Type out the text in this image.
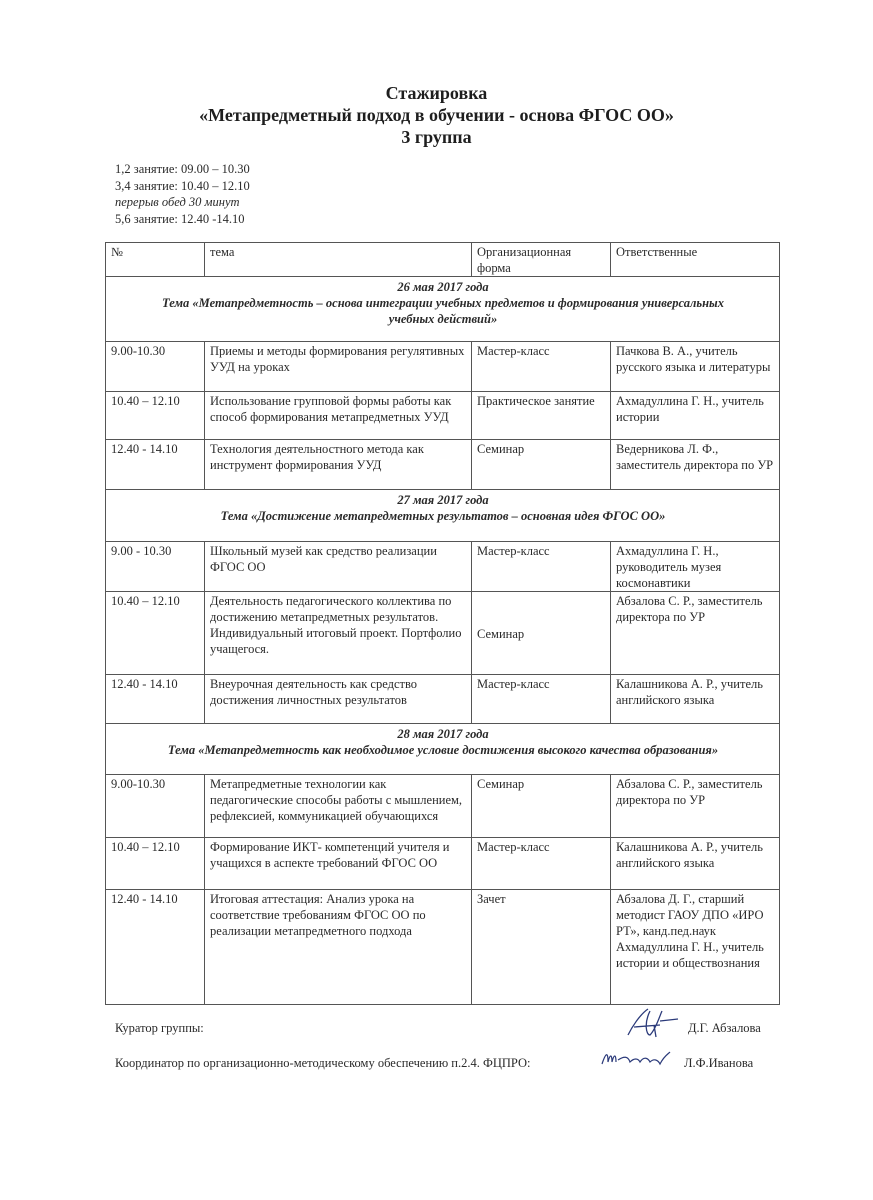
Стажировка
«Метапредметный подход в обучении - основа ФГОС ОО»
3 группа
1,2 занятие: 09.00 – 10.30
3,4 занятие: 10.40 – 12.10
перерыв обед 30 минут
5,6 занятие: 12.40 -14.10
№	тема	Организационная форма	Ответственные

26 мая 2017 года
Тема «Метапредметность – основа интеграции учебных предметов и формирования универсальных учебных действий»			

9.00-10.30	Приемы и методы формирования регулятивных УУД на уроках	Мастер-класс	Пачкова В. А., учитель русского языка и литературы
10.40 – 12.10	Использование групповой формы работы как способ формирования метапредметных УУД	Практическое занятие	Ахмадуллина Г. Н., учитель истории
12.40 - 14.10	Технология деятельностного метода как инструмент формирования УУД	Семинар	Ведерникова Л. Ф., заместитель директора по УР

27 мая 2017 года
Тема «Достижение метапредметных результатов – основная идея ФГОС ОО»			

9.00 - 10.30	Школьный музей как средство реализации ФГОС ОО	Мастер-класс	Ахмадуллина Г. Н., руководитель музея космонавтики
10.40 – 12.10	Деятельность педагогического коллектива по достижению метапредметных результатов. Индивидуальный итоговый проект. Портфолио учащегося.	Семинар	Абзалова С. Р., заместитель директора по УР
12.40 - 14.10	Внеурочная деятельность как средство достижения личностных результатов	Мастер-класс	Калашникова А. Р., учитель английского языка

28 мая 2017 года
Тема «Метапредметность как необходимое условие достижения высокого качества образования»			

9.00-10.30	Метапредметные технологии как педагогические способы работы с мышлением, рефлексией, коммуникацией обучающихся	Семинар	Абзалова С. Р., заместитель директора по УР
10.40 – 12.10	Формирование ИКТ- компетенций учителя и учащихся в аспекте требований ФГОС ОО	Мастер-класс	Калашникова А. Р., учитель английского языка
12.40 - 14.10	Итоговая аттестация: Анализ урока на соответствие требованиям ФГОС ОО по реализации метапредметного подхода	Зачет	Абзалова Д. Г., старший методист ГАОУ ДПО «ИРО РТ», канд.пед.наук Ахмадуллина Г. Н., учитель истории и обществознания
Куратор группы:	Д.Г. Абзалова
Координатор по организационно-методическому обеспечению п.2.4. ФЦПРО:	Л.Ф.Иванова
